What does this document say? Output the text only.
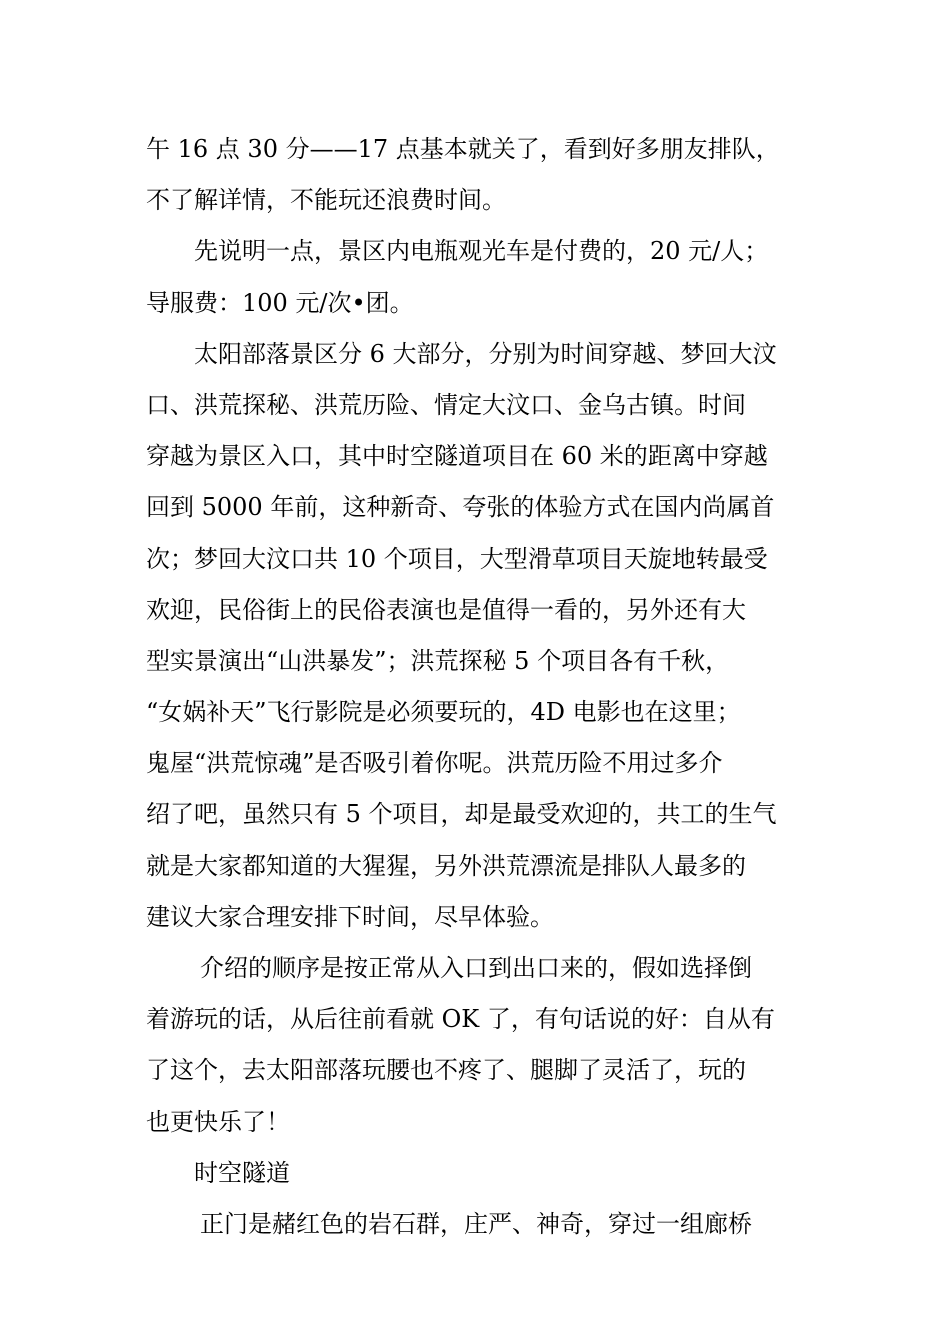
午 16 点 30 分——17 点基本就关了，看到好多朋友排队，
不了解详情，不能玩还浪费时间。
先说明一点，景区内电瓶观光车是付费的，20 元/人；
导服费：100 元/次•团。
太阳部落景区分 6 大部分，分别为时间穿越、梦回大汶
口、洪荒探秘、洪荒历险、情定大汶口、金乌古镇。时间
穿越为景区入口，其中时空隧道项目在 60 米的距离中穿越
回到 5000 年前，这种新奇、夸张的体验方式在国内尚属首
次；梦回大汶口共 10 个项目，大型滑草项目天旋地转最受
欢迎，民俗街上的民俗表演也是值得一看的，另外还有大
型实景演出“山洪暴发”；洪荒探秘 5 个项目各有千秋，
“女娲补天”飞行影院是必须要玩的，4D 电影也在这里；
鬼屋“洪荒惊魂”是否吸引着你呢。洪荒历险不用过多介
绍了吧，虽然只有 5 个项目，却是最受欢迎的，共工的生气
就是大家都知道的大猩猩，另外洪荒漂流是排队人最多的
建议大家合理安排下时间，尽早体验。
介绍的顺序是按正常从入口到出口来的，假如选择倒
着游玩的话，从后往前看就 OK 了，有句话说的好：自从有
了这个，去太阳部落玩腰也不疼了、腿脚了灵活了，玩的
也更快乐了！
时空隧道
正门是赭红色的岩石群，庄严、神奇，穿过一组廊桥
